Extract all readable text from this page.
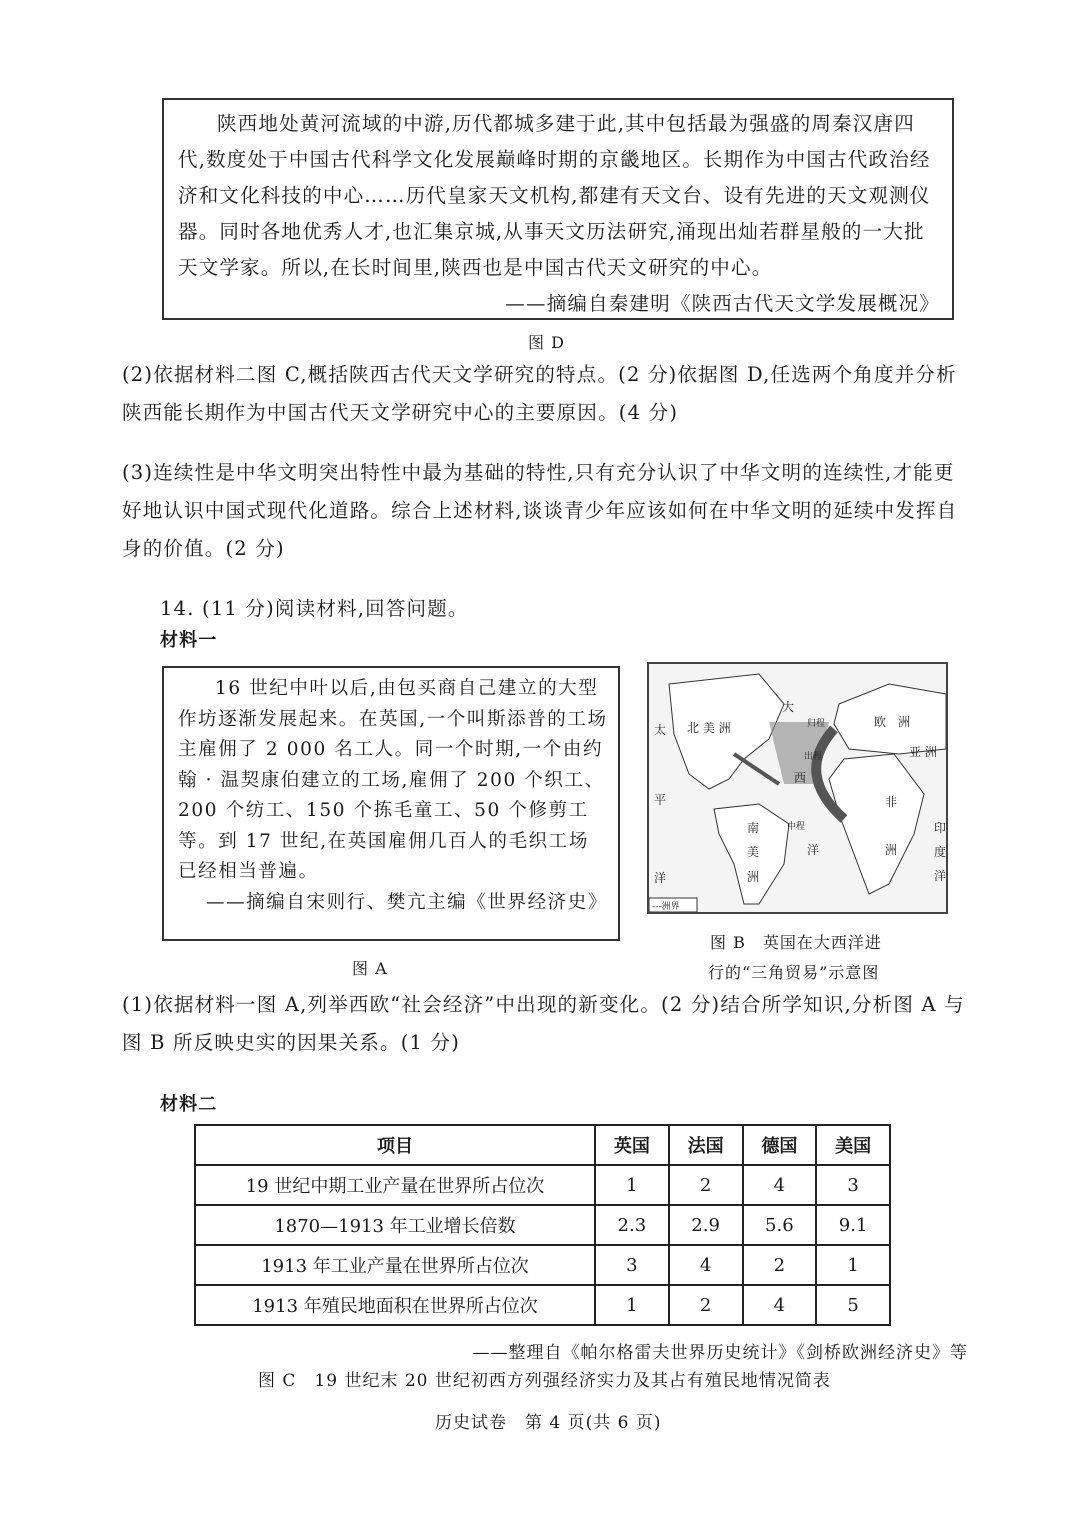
陕西地处黄河流域的中游,历代都城多建于此,其中包括最为强盛的周秦汉唐四代,数度处于中国古代科学文化发展巅峰时期的京畿地区。长期作为中国古代政治经济和文化科技的中心……历代皇家天文机构,都建有天文台、设有先进的天文观测仪器。同时各地优秀人才,也汇集京城,从事天文历法研究,涌现出灿若群星般的一大批天文学家。所以,在长时间里,陕西也是中国古代天文研究的中心。

——摘编自秦建明《陕西古代天文学发展概况》

图 D

(2)依据材料二图 C,概括陕西古代天文学研究的特点。(2 分)依据图 D,任选两个角度并分析陕西能长期作为中国古代天文学研究中心的主要原因。(4 分)

(3)连续性是中华文明突出特性中最为基础的特性,只有充分认识了中华文明的连续性,才能更好地认识中国式现代化道路。综合上述材料,谈谈青少年应该如何在中华文明的延续中发挥自身的价值。(2 分)

14. (11 分)阅读材料,回答问题。

材料一

16 世纪中叶以后,由包买商自己建立的大型作坊逐渐发展起来。在英国,一个叫斯添普的工场主雇佣了 2 000 名工人。同一个时期,一个由约翰 · 温契康伯建立的工场,雇佣了 200 个织工、200 个纺工、150 个拣毛童工、50 个修剪工等。到 17 世纪,在英国雇佣几百人的毛织工场已经相当普遍。

——摘编自宋则行、樊亢主编《世界经济史》

图 A
大
西
洋
太
平
洋
北 美 洲	欧　洲
亚 洲
非
洲
南
美
洲
印
度
洋
归程
出程
中程
---洲界
图 B　英国在大西洋进
行的“三角贸易”示意图

(1)依据材料一图 A,列举西欧“社会经济”中出现的新变化。(2 分)结合所学知识,分析图 A 与图 B 所反映史实的因果关系。(1 分)

材料二

项目	英国	法国	德国	美国
19 世纪中期工业产量在世界所占位次	1	2	4	3
1870—1913 年工业增长倍数	2.3	2.9	5.6	9.1
1913 年工业产量在世界所占位次	3	4	2	1
1913 年殖民地面积在世界所占位次	1	2	4	5
——整理自《帕尔格雷夫世界历史统计》《剑桥欧洲经济史》等
图 C　19 世纪末 20 世纪初西方列强经济实力及其占有殖民地情况简表
历史试卷　第 4 页(共 6 页)
